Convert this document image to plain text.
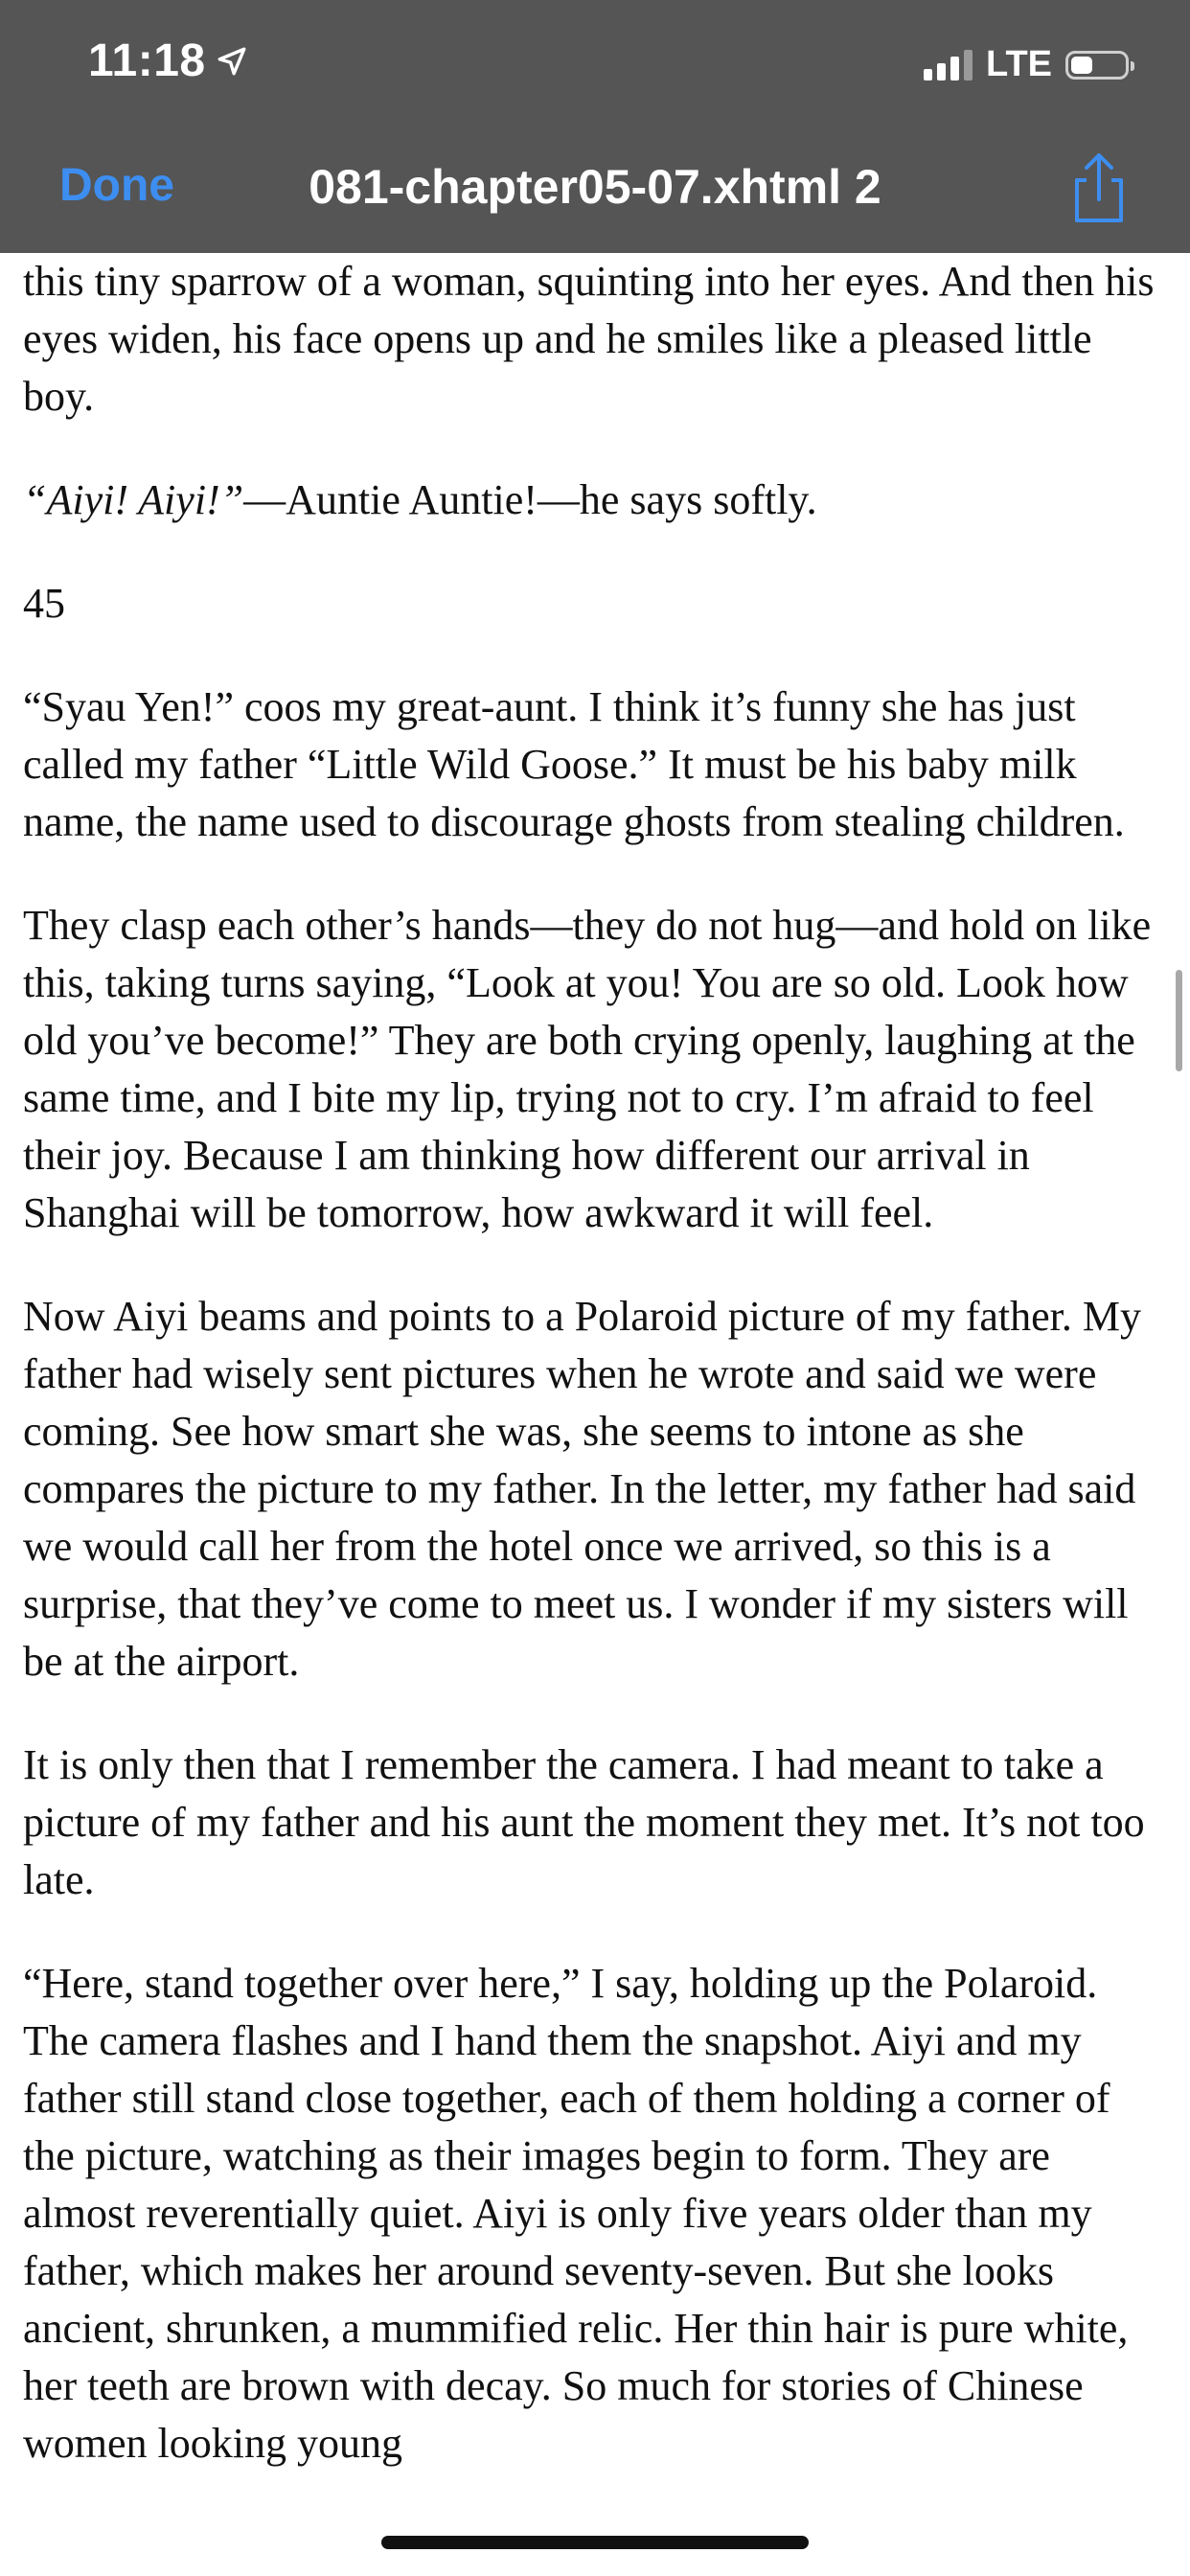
11:18	LTE
Done	081-chapter05-07.xhtml 2

this tiny sparrow of a woman, squinting into her eyes. And then his eyes widen, his face opens up and he smiles like a pleased little boy.

“Aiyi! Aiyi!”—Auntie Auntie!—he says softly.

45

“Syau Yen!” coos my great-aunt. I think it’s funny she has just called my father “Little Wild Goose.” It must be his baby milk name, the name used to discourage ghosts from stealing children.

They clasp each other’s hands—they do not hug—and hold on like this, taking turns saying, “Look at you! You are so old. Look how old you’ve become!” They are both crying openly, laughing at the same time, and I bite my lip, trying not to cry. I’m afraid to feel their joy. Because I am thinking how different our arrival in Shanghai will be tomorrow, how awkward it will feel.

Now Aiyi beams and points to a Polaroid picture of my father. My father had wisely sent pictures when he wrote and said we were coming. See how smart she was, she seems to intone as she compares the picture to my father. In the letter, my father had said we would call her from the hotel once we arrived, so this is a surprise, that they’ve come to meet us. I wonder if my sisters will be at the airport.

It is only then that I remember the camera. I had meant to take a picture of my father and his aunt the moment they met. It’s not too late.

“Here, stand together over here,” I say, holding up the Polaroid. The camera flashes and I hand them the snapshot. Aiyi and my father still stand close together, each of them holding a corner of the picture, watching as their images begin to form. They are almost reverentially quiet. Aiyi is only five years older than my father, which makes her around seventy-seven. But she looks ancient, shrunken, a mummified relic. Her thin hair is pure white, her teeth are brown with decay. So much for stories of Chinese women looking young
